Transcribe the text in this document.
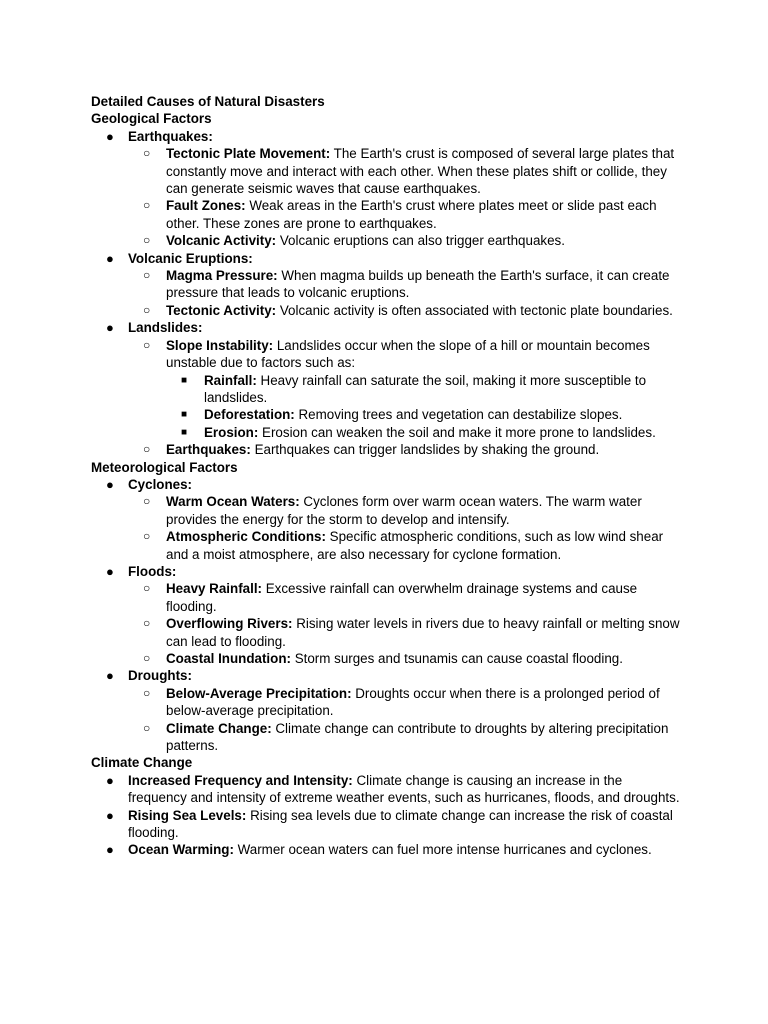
Detailed Causes of Natural Disasters

Geological Factors

● Earthquakes:
○ Tectonic Plate Movement: The Earth's crust is composed of several large plates that constantly move and interact with each other. When these plates shift or collide, they can generate seismic waves that cause earthquakes.
○ Fault Zones: Weak areas in the Earth's crust where plates meet or slide past each other. These zones are prone to earthquakes.
○ Volcanic Activity: Volcanic eruptions can also trigger earthquakes.
● Volcanic Eruptions:
○ Magma Pressure: When magma builds up beneath the Earth's surface, it can create pressure that leads to volcanic eruptions.
○ Tectonic Activity: Volcanic activity is often associated with tectonic plate boundaries.
● Landslides:
○ Slope Instability: Landslides occur when the slope of a hill or mountain becomes unstable due to factors such as:
■ Rainfall: Heavy rainfall can saturate the soil, making it more susceptible to landslides.
■ Deforestation: Removing trees and vegetation can destabilize slopes.
■ Erosion: Erosion can weaken the soil and make it more prone to landslides.
○ Earthquakes: Earthquakes can trigger landslides by shaking the ground.

Meteorological Factors

● Cyclones:
○ Warm Ocean Waters: Cyclones form over warm ocean waters. The warm water provides the energy for the storm to develop and intensify.
○ Atmospheric Conditions: Specific atmospheric conditions, such as low wind shear and a moist atmosphere, are also necessary for cyclone formation.
● Floods:
○ Heavy Rainfall: Excessive rainfall can overwhelm drainage systems and cause flooding.
○ Overflowing Rivers: Rising water levels in rivers due to heavy rainfall or melting snow can lead to flooding.
○ Coastal Inundation: Storm surges and tsunamis can cause coastal flooding.
● Droughts:
○ Below-Average Precipitation: Droughts occur when there is a prolonged period of below-average precipitation.
○ Climate Change: Climate change can contribute to droughts by altering precipitation patterns.

Climate Change

● Increased Frequency and Intensity: Climate change is causing an increase in the frequency and intensity of extreme weather events, such as hurricanes, floods, and droughts.
● Rising Sea Levels: Rising sea levels due to climate change can increase the risk of coastal flooding.
● Ocean Warming: Warmer ocean waters can fuel more intense hurricanes and cyclones.
